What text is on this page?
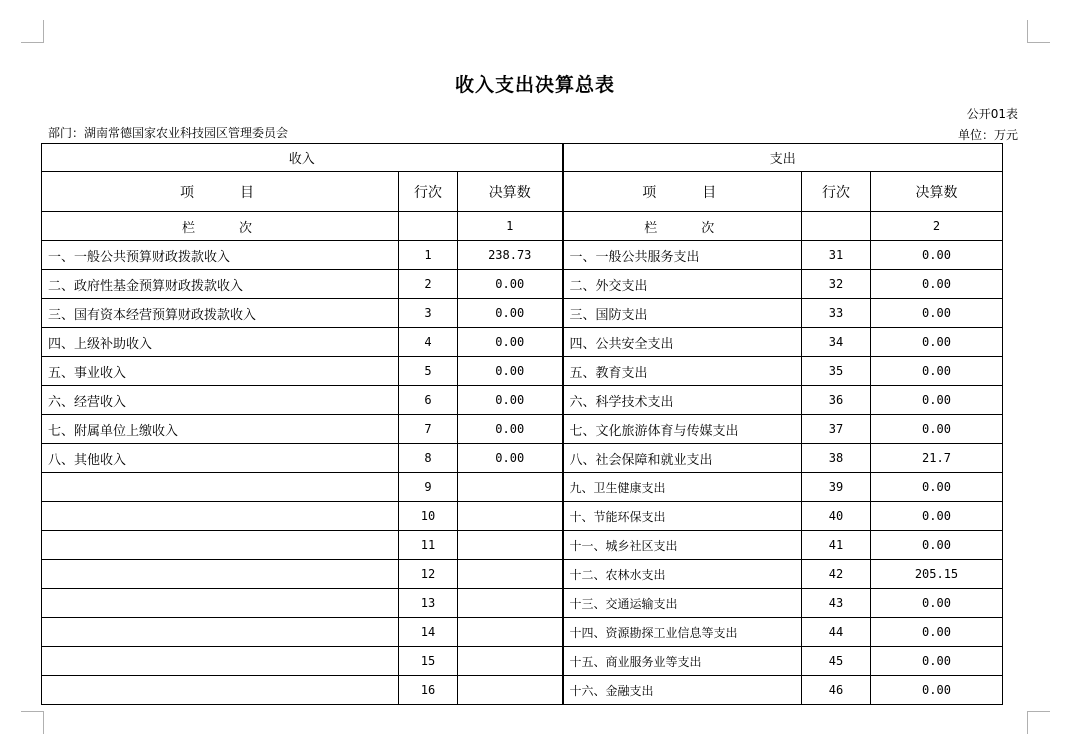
收入支出决算总表
公开01表
部门：湖南常德国家农业科技园区管理委员会	单位：万元
收入			支出		
项　　目	行次	决算数	项　　目	行次	决算数
栏　　次		1	栏　　次		2
一、一般公共预算财政拨款收入	1	238.73	一、一般公共服务支出	31	0.00
二、政府性基金预算财政拨款收入	2	0.00	二、外交支出	32	0.00
三、国有资本经营预算财政拨款收入	3	0.00	三、国防支出	33	0.00
四、上级补助收入	4	0.00	四、公共安全支出	34	0.00
五、事业收入	5	0.00	五、教育支出	35	0.00
六、经营收入	6	0.00	六、科学技术支出	36	0.00
七、附属单位上缴收入	7	0.00	七、文化旅游体育与传媒支出	37	0.00
八、其他收入	8	0.00	八、社会保障和就业支出	38	21.7
	9		九、卫生健康支出	39	0.00
	10		十、节能环保支出	40	0.00
	11		十一、城乡社区支出	41	0.00
	12		十二、农林水支出	42	205.15
	13		十三、交通运输支出	43	0.00
	14		十四、资源勘探工业信息等支出	44	0.00
	15		十五、商业服务业等支出	45	0.00
	16		十六、金融支出	46	0.00
